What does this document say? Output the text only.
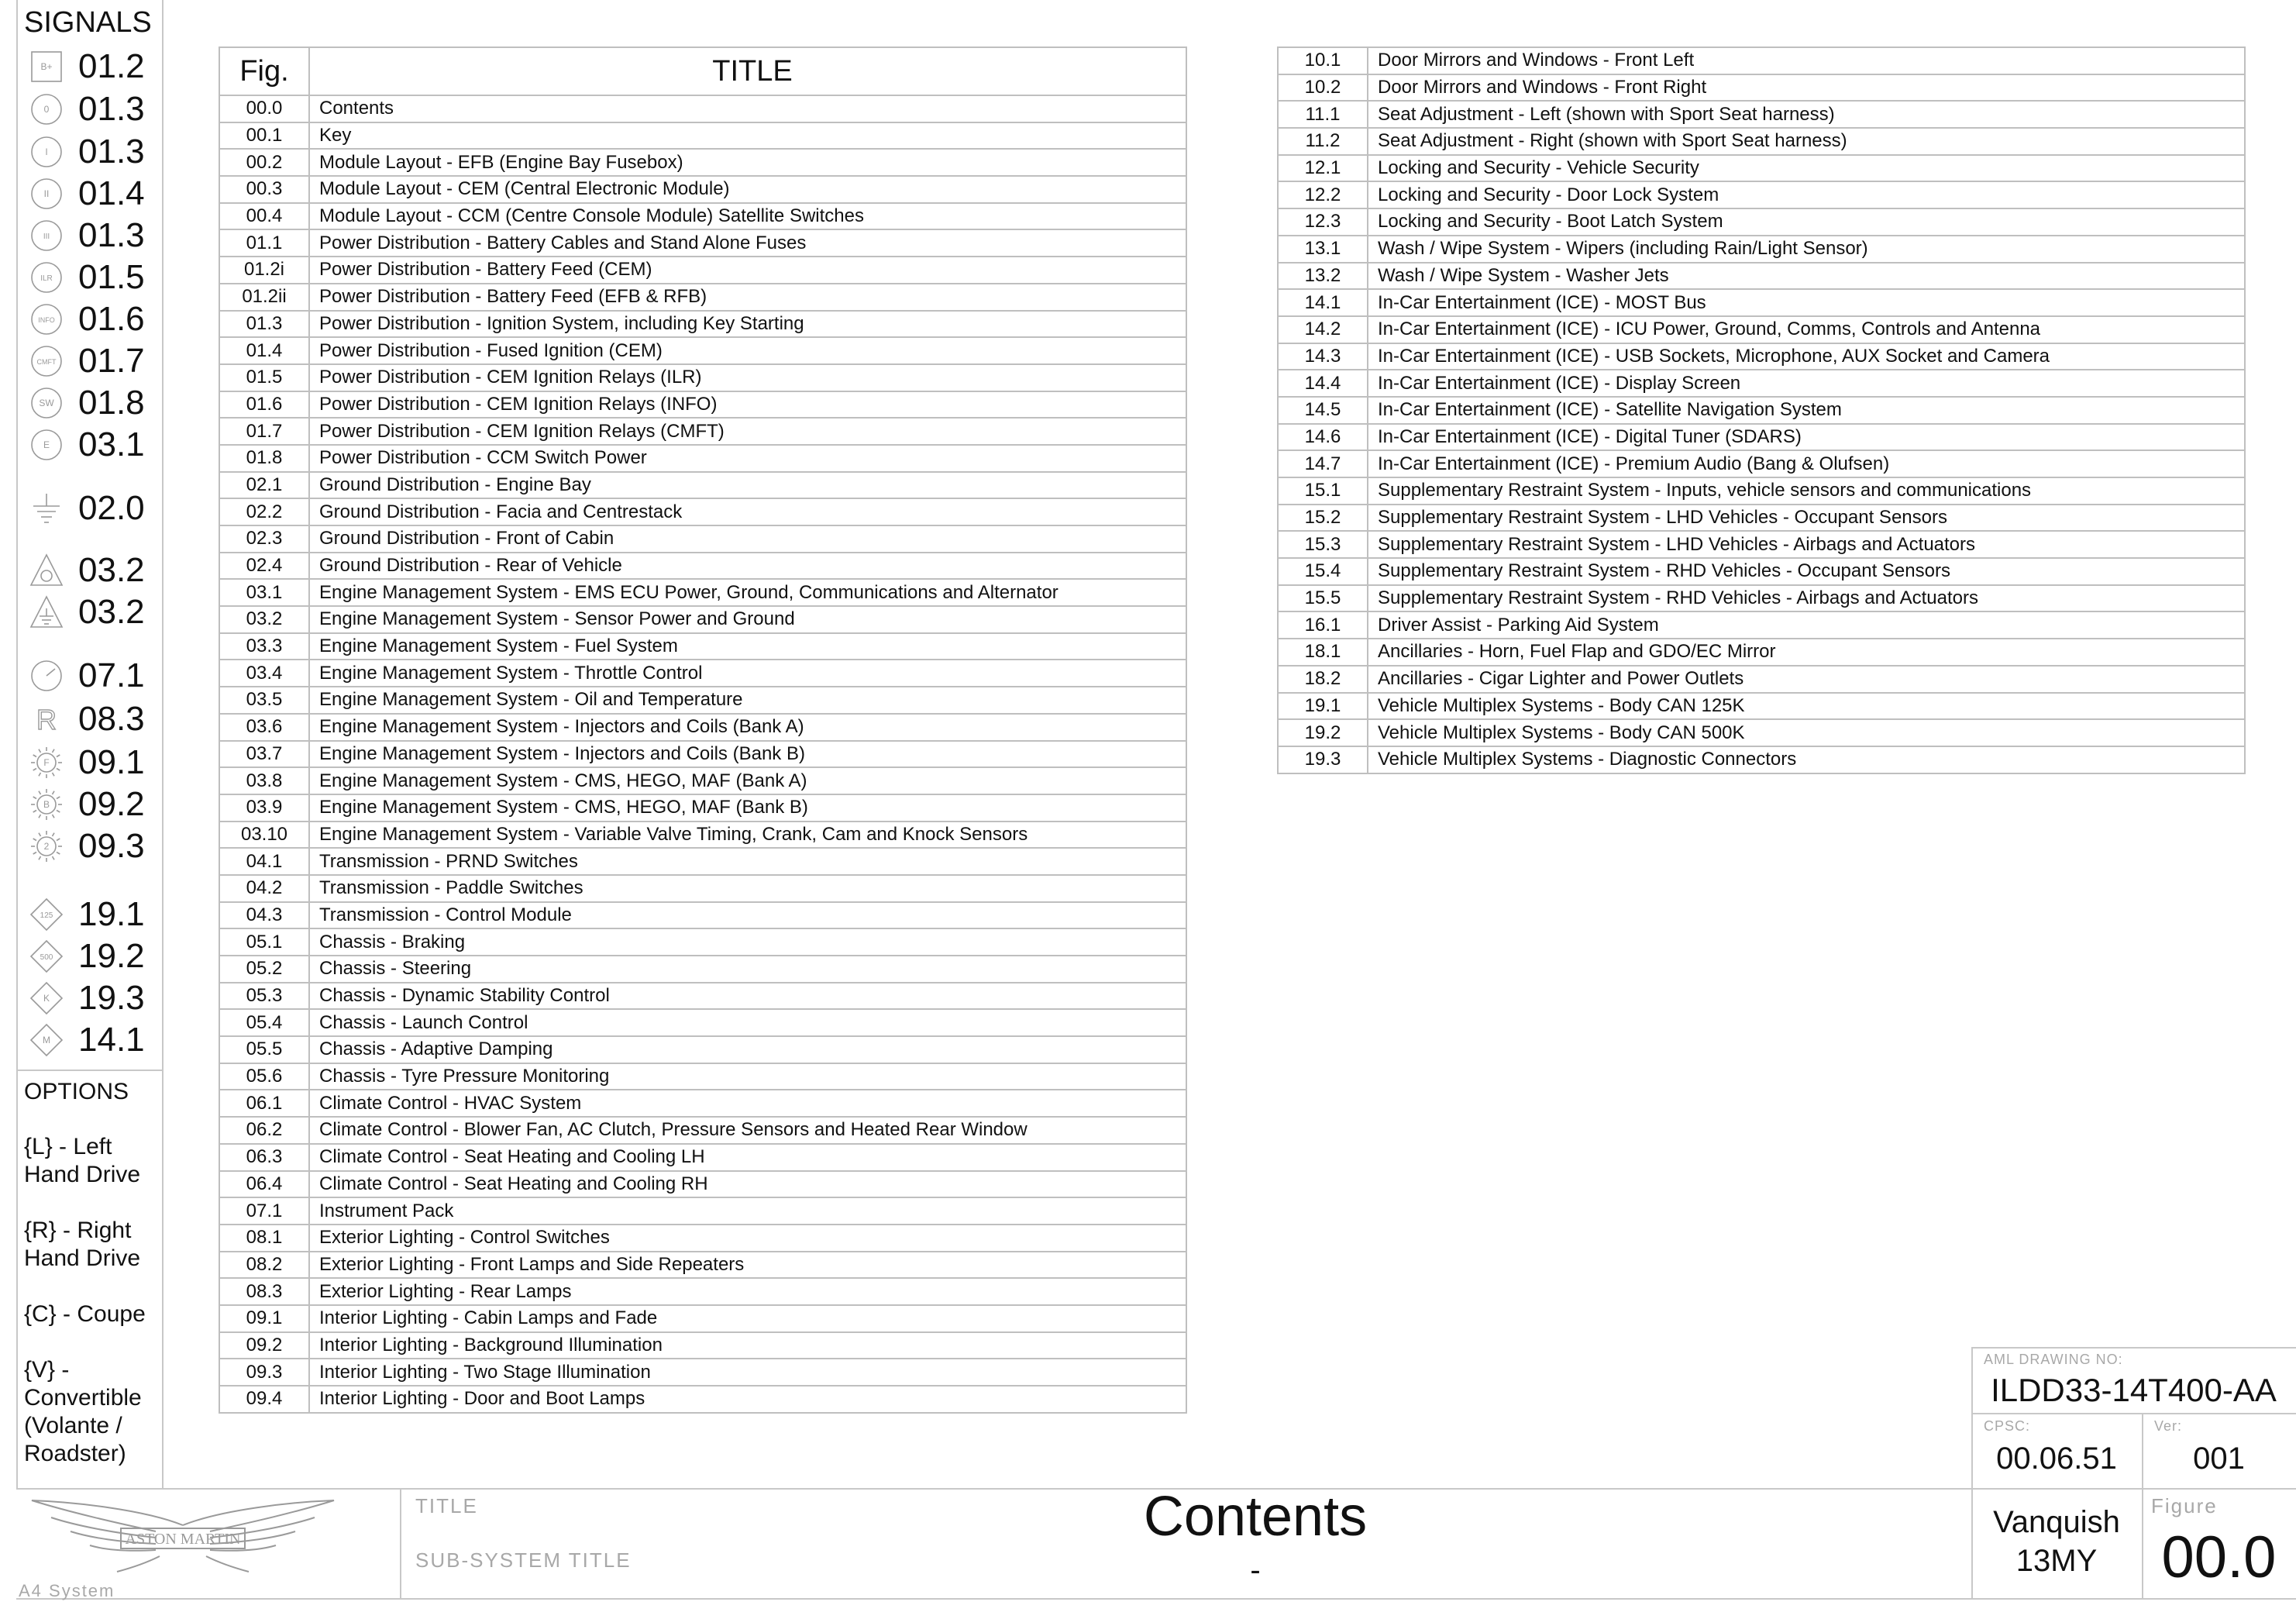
SIGNALS
B+ 01.2
0 01.3
I 01.3
II 01.4
III 01.3
ILR 01.5
INFO 01.6
CMFT 01.7
SW 01.8
E 03.1
02.0
03.2
03.2
07.1
R 08.3
F 09.1
B 09.2
2 09.3
125 19.1
500 19.2
K 19.3
M 14.1
OPTIONS
{L} - Left Hand Drive
{R} - Right Hand Drive
{C} - Coupe
{V} - Convertible (Volante / Roadster)
Fig.	TITLE
00.0	Contents
00.1	Key
00.2	Module Layout - EFB (Engine Bay Fusebox)
00.3	Module Layout - CEM (Central Electronic Module)
00.4	Module Layout - CCM (Centre Console Module) Satellite Switches
01.1	Power Distribution - Battery Cables and Stand Alone Fuses
01.2i	Power Distribution - Battery Feed (CEM)
01.2ii	Power Distribution - Battery Feed (EFB & RFB)
01.3	Power Distribution - Ignition System, including Key Starting
01.4	Power Distribution - Fused Ignition (CEM)
01.5	Power Distribution - CEM Ignition Relays (ILR)
01.6	Power Distribution - CEM Ignition Relays (INFO)
01.7	Power Distribution - CEM Ignition Relays (CMFT)
01.8	Power Distribution - CCM Switch Power
02.1	Ground Distribution - Engine Bay
02.2	Ground Distribution - Facia and Centrestack
02.3	Ground Distribution - Front of Cabin
02.4	Ground Distribution - Rear of Vehicle
03.1	Engine Management System - EMS ECU Power, Ground, Communications and Alternator
03.2	Engine Management System - Sensor Power and Ground
03.3	Engine Management System - Fuel System
03.4	Engine Management System - Throttle Control
03.5	Engine Management System - Oil and Temperature
03.6	Engine Management System - Injectors and Coils (Bank A)
03.7	Engine Management System - Injectors and Coils (Bank B)
03.8	Engine Management System - CMS, HEGO, MAF (Bank A)
03.9	Engine Management System - CMS, HEGO, MAF (Bank B)
03.10	Engine Management System - Variable Valve Timing, Crank, Cam and Knock Sensors
04.1	Transmission - PRND Switches
04.2	Transmission - Paddle Switches
04.3	Transmission - Control Module
05.1	Chassis - Braking
05.2	Chassis - Steering
05.3	Chassis - Dynamic Stability Control
05.4	Chassis - Launch Control
05.5	Chassis - Adaptive Damping
05.6	Chassis - Tyre Pressure Monitoring
06.1	Climate Control - HVAC System
06.2	Climate Control - Blower Fan, AC Clutch, Pressure Sensors and Heated Rear Window
06.3	Climate Control - Seat Heating and Cooling LH
06.4	Climate Control - Seat Heating and Cooling RH
07.1	Instrument Pack
08.1	Exterior Lighting - Control Switches
08.2	Exterior Lighting - Front Lamps and Side Repeaters
08.3	Exterior Lighting - Rear Lamps
09.1	Interior Lighting - Cabin Lamps and Fade
09.2	Interior Lighting - Background Illumination
09.3	Interior Lighting - Two Stage Illumination
09.4	Interior Lighting - Door and Boot Lamps
10.1	Door Mirrors and Windows - Front Left
10.2	Door Mirrors and Windows - Front Right
11.1	Seat Adjustment - Left (shown with Sport Seat harness)
11.2	Seat Adjustment - Right (shown with Sport Seat harness)
12.1	Locking and Security - Vehicle Security
12.2	Locking and Security - Door Lock System
12.3	Locking and Security - Boot Latch System
13.1	Wash / Wipe System - Wipers (including Rain/Light Sensor)
13.2	Wash / Wipe System - Washer Jets
14.1	In-Car Entertainment (ICE) - MOST Bus
14.2	In-Car Entertainment (ICE) - ICU Power, Ground, Comms, Controls and Antenna
14.3	In-Car Entertainment (ICE) - USB Sockets, Microphone, AUX Socket and Camera
14.4	In-Car Entertainment (ICE) - Display Screen
14.5	In-Car Entertainment (ICE) - Satellite Navigation System
14.6	In-Car Entertainment (ICE) - Digital Tuner (SDARS)
14.7	In-Car Entertainment (ICE) - Premium Audio (Bang & Olufsen)
15.1	Supplementary Restraint System - Inputs, vehicle sensors and communications
15.2	Supplementary Restraint System - LHD Vehicles - Occupant Sensors
15.3	Supplementary Restraint System - LHD Vehicles - Airbags and Actuators
15.4	Supplementary Restraint System - RHD Vehicles - Occupant Sensors
15.5	Supplementary Restraint System - RHD Vehicles - Airbags and Actuators
16.1	Driver Assist - Parking Aid System
18.1	Ancillaries - Horn, Fuel Flap and GDO/EC Mirror
18.2	Ancillaries - Cigar Lighter and Power Outlets
19.1	Vehicle Multiplex Systems - Body CAN 125K
19.2	Vehicle Multiplex Systems - Body CAN 500K
19.3	Vehicle Multiplex Systems - Diagnostic Connectors
ASTON MARTIN
A4 System
TITLE
SUB-SYSTEM TITLE
Contents
-
AML DRAWING NO:
ILDD33-14T400-AA
CPSC:
00.06.51
Ver:
001
Vanquish
13MY
Figure
00.0
